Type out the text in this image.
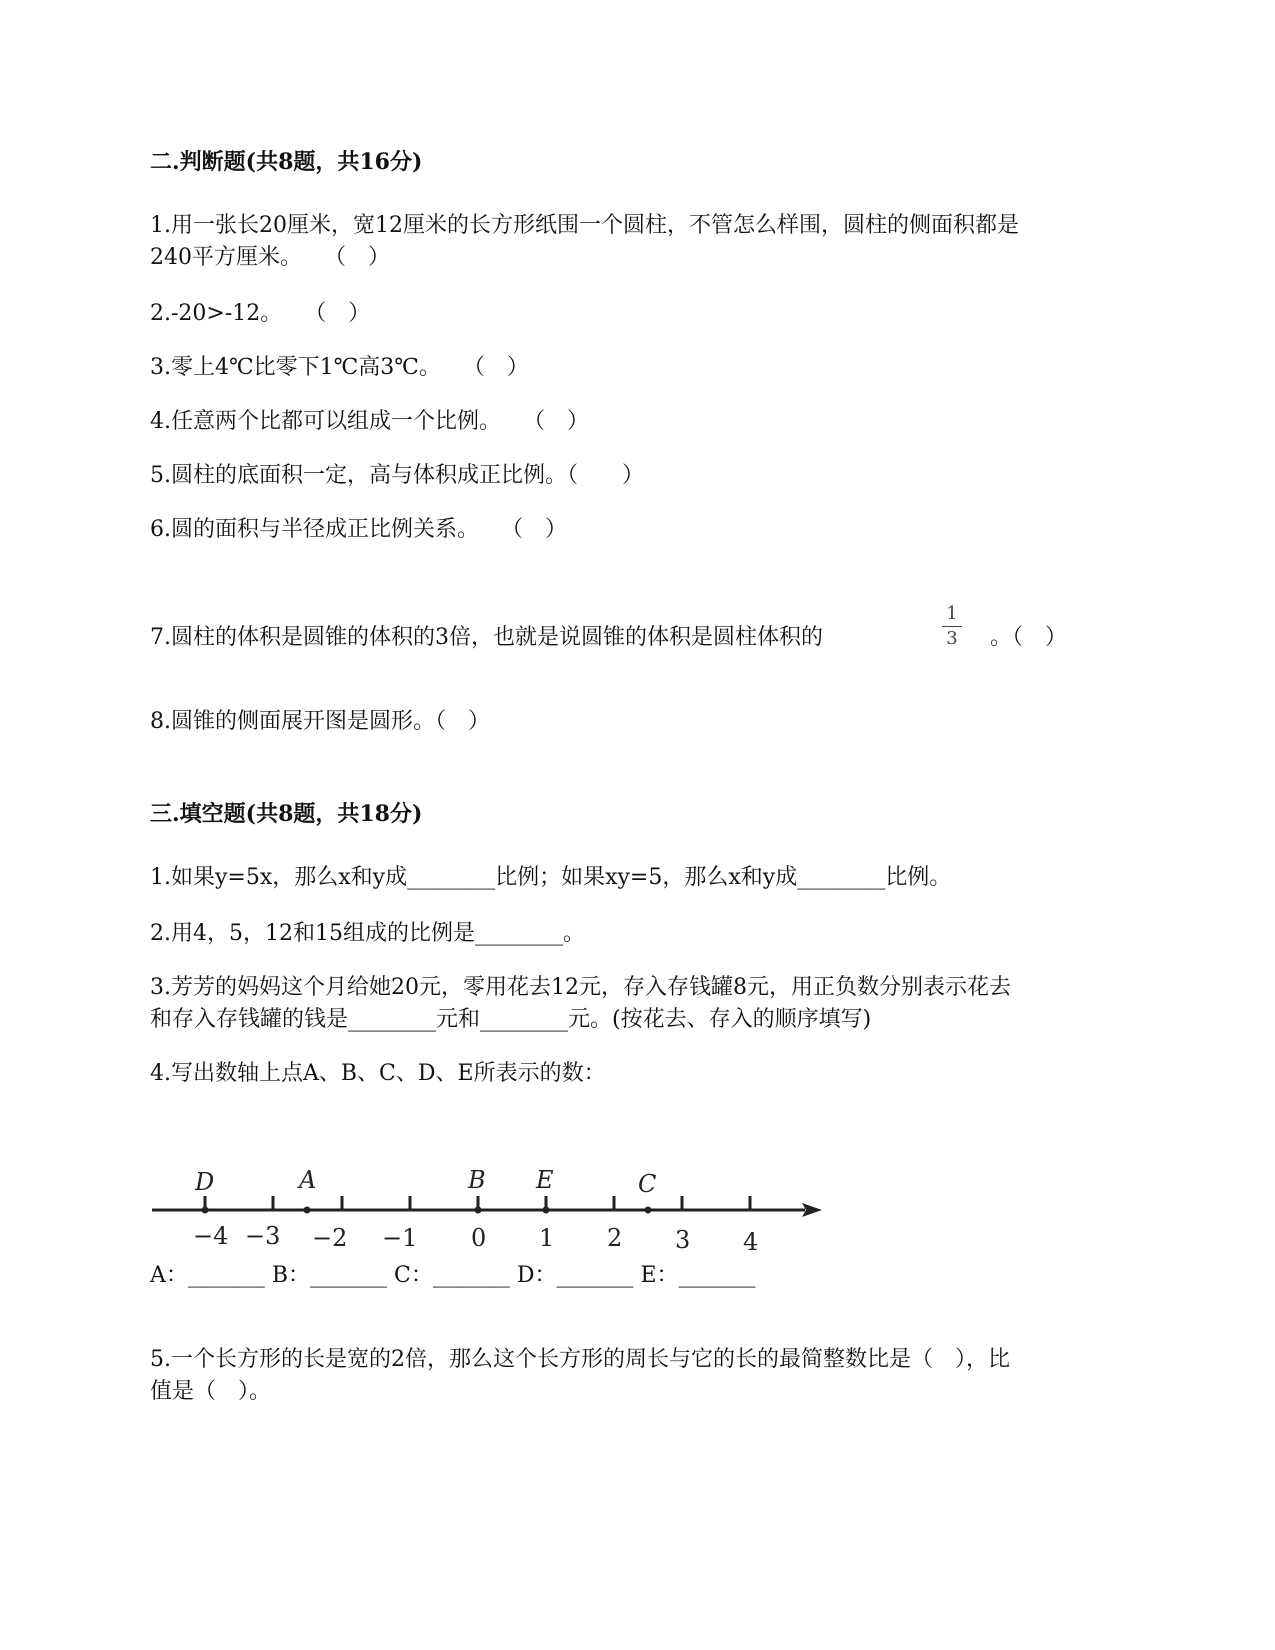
二.判断题(共8题，共16分)
1.用一张长20厘米，宽12厘米的长方形纸围一个圆柱，不管怎么样围，圆柱的侧面积都是
240平方厘米。　　（　）
2.-20>-12。　　（　）
3.零上4℃比零下1℃高3℃。　　（　）
4.任意两个比都可以组成一个比例。　　（　）
5.圆柱的底面积一定，高与体积成正比例。（　　）
6.圆的面积与半径成正比例关系。　　（　）
7.圆柱的体积是圆锥的体积的3倍，也就是说圆锥的体积是圆柱体积的
1
3	。（　）
8.圆锥的侧面展开图是圆形。（　）
三.填空题(共8题，共18分)
1.如果y=5x，那么x和y成________比例；如果xy=5，那么x和y成________比例。
2.用4，5，12和15组成的比例是________。
3.芳芳的妈妈这个月给她20元，零用花去12元，存入存钱罐8元，用正负数分别表示花去
和存入存钱罐的钱是________元和________元。(按花去、存入的顺序填写)
4.写出数轴上点A、B、C、D、E所表示的数：
−4 −3 −2 −1 0 1 2 3 4
D	A	B E	C
A：_______ B：_______ C：_______ D：_______ E：_______
5.一个长方形的长是宽的2倍，那么这个长方形的周长与它的长的最简整数比是（　），比
值是（　）。
